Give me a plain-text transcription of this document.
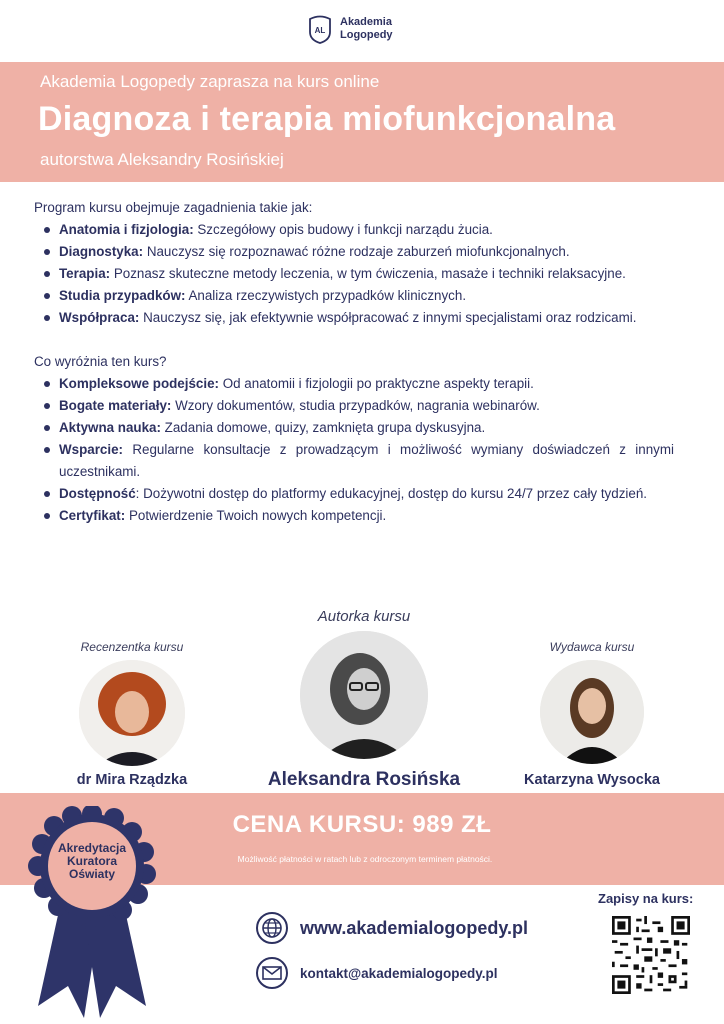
AL
Akademia
Logopedy
Akademia Logopedy zaprasza na kurs online
Diagnoza i terapia miofunkcjonalna
autorstwa Aleksandry Rosińskiej
Program kursu obejmuje zagadnienia takie jak:
Anatomia i fizjologia: Szczegółowy opis budowy i funkcji narządu żucia.
Diagnostyka: Nauczysz się rozpoznawać różne rodzaje zaburzeń miofunkcjonalnych.
Terapia: Poznasz skuteczne metody leczenia, w tym ćwiczenia, masaże i techniki relaksacyjne.
Studia przypadków: Analiza rzeczywistych przypadków klinicznych.
Współpraca: Nauczysz się, jak efektywnie współpracować z innymi specjalistami oraz rodzicami.
Co wyróżnia ten kurs?
Kompleksowe podejście: Od anatomii i fizjologii po praktyczne aspekty terapii.
Bogate materiały: Wzory dokumentów, studia przypadków, nagrania webinarów.
Aktywna nauka: Zadania domowe, quizy, zamknięta grupa dyskusyjna.
Wsparcie: Regularne konsultacje z prowadzącym i możliwość wymiany doświadczeń z innymi uczestnikami.
Dostępność: Dożywotni dostęp do platformy edukacyjnej, dostęp do kursu 24/7 przez cały tydzień.
Certyfikat: Potwierdzenie Twoich nowych kompetencji.
Recenzentka kursu
dr Mira Rządzka
Autorka kursu
Aleksandra Rosińska
Wydawca kursu
Katarzyna Wysocka
CENA KURSU: 989 ZŁ
Możliwość płatności w ratach lub z odroczonym terminem płatności.
Akredytacja
Kuratora
Oświaty
www.akademialogopedy.pl
kontakt@akademialogopedy.pl
Zapisy na kurs:
